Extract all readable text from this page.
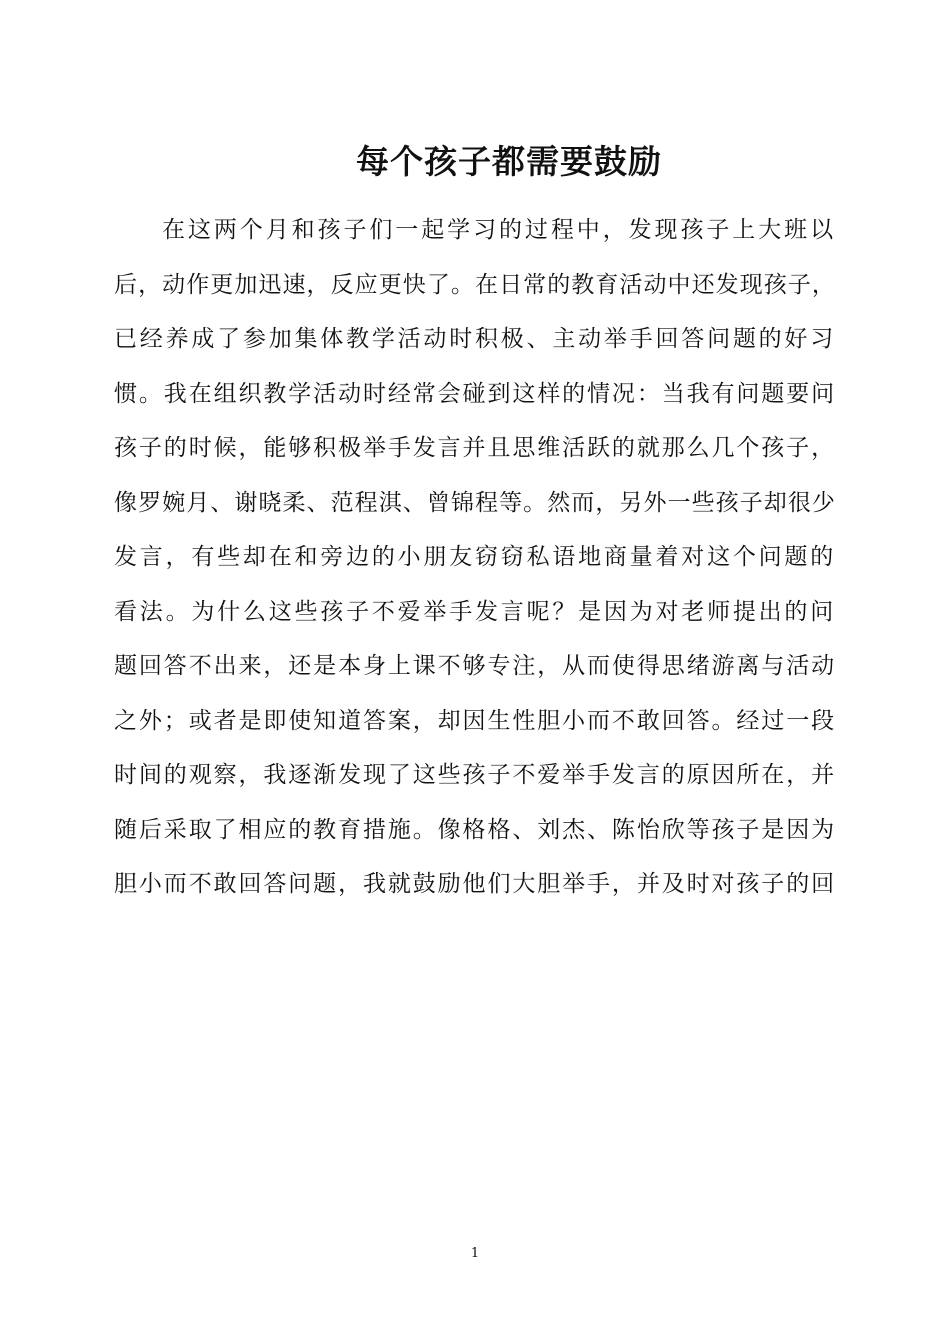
每个孩子都需要鼓励
在这两个月和孩子们一起学习的过程中，发现孩子上大班以
后，动作更加迅速，反应更快了。在日常的教育活动中还发现孩子，
已经养成了参加集体教学活动时积极、主动举手回答问题的好习
惯。我在组织教学活动时经常会碰到这样的情况：当我有问题要问
孩子的时候，能够积极举手发言并且思维活跃的就那么几个孩子，
像罗婉月、谢晓柔、范程淇、曾锦程等。然而，另外一些孩子却很少
发言，有些却在和旁边的小朋友窃窃私语地商量着对这个问题的
看法。为什么这些孩子不爱举手发言呢？是因为对老师提出的问
题回答不出来，还是本身上课不够专注，从而使得思绪游离与活动
之外；或者是即使知道答案，却因生性胆小而不敢回答。经过一段
时间的观察，我逐渐发现了这些孩子不爱举手发言的原因所在，并
随后采取了相应的教育措施。像格格、刘杰、陈怡欣等孩子是因为
胆小而不敢回答问题，我就鼓励他们大胆举手，并及时对孩子的回
1
